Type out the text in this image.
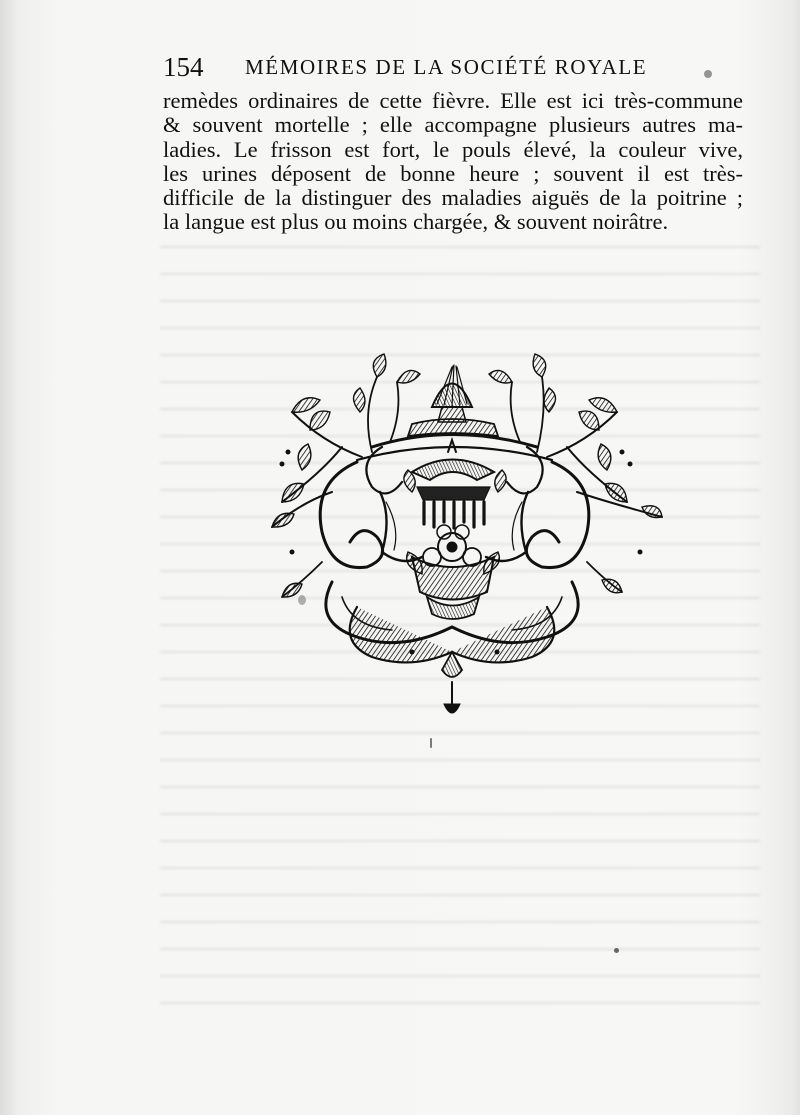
154 MÉMOIRES DE LA SOCIÉTÉ ROYALE
remèdes ordinaires de cette fièvre. Elle est ici très-commune
& souvent mortelle ; elle accompagne plusieurs autres ma-
ladies. Le frisson est fort, le pouls élevé, la couleur vive,
les urines déposent de bonne heure ; souvent il est très-
difficile de la distinguer des maladies aiguës de la poitrine ;
la langue est plus ou moins chargée, & souvent noirâtre.
